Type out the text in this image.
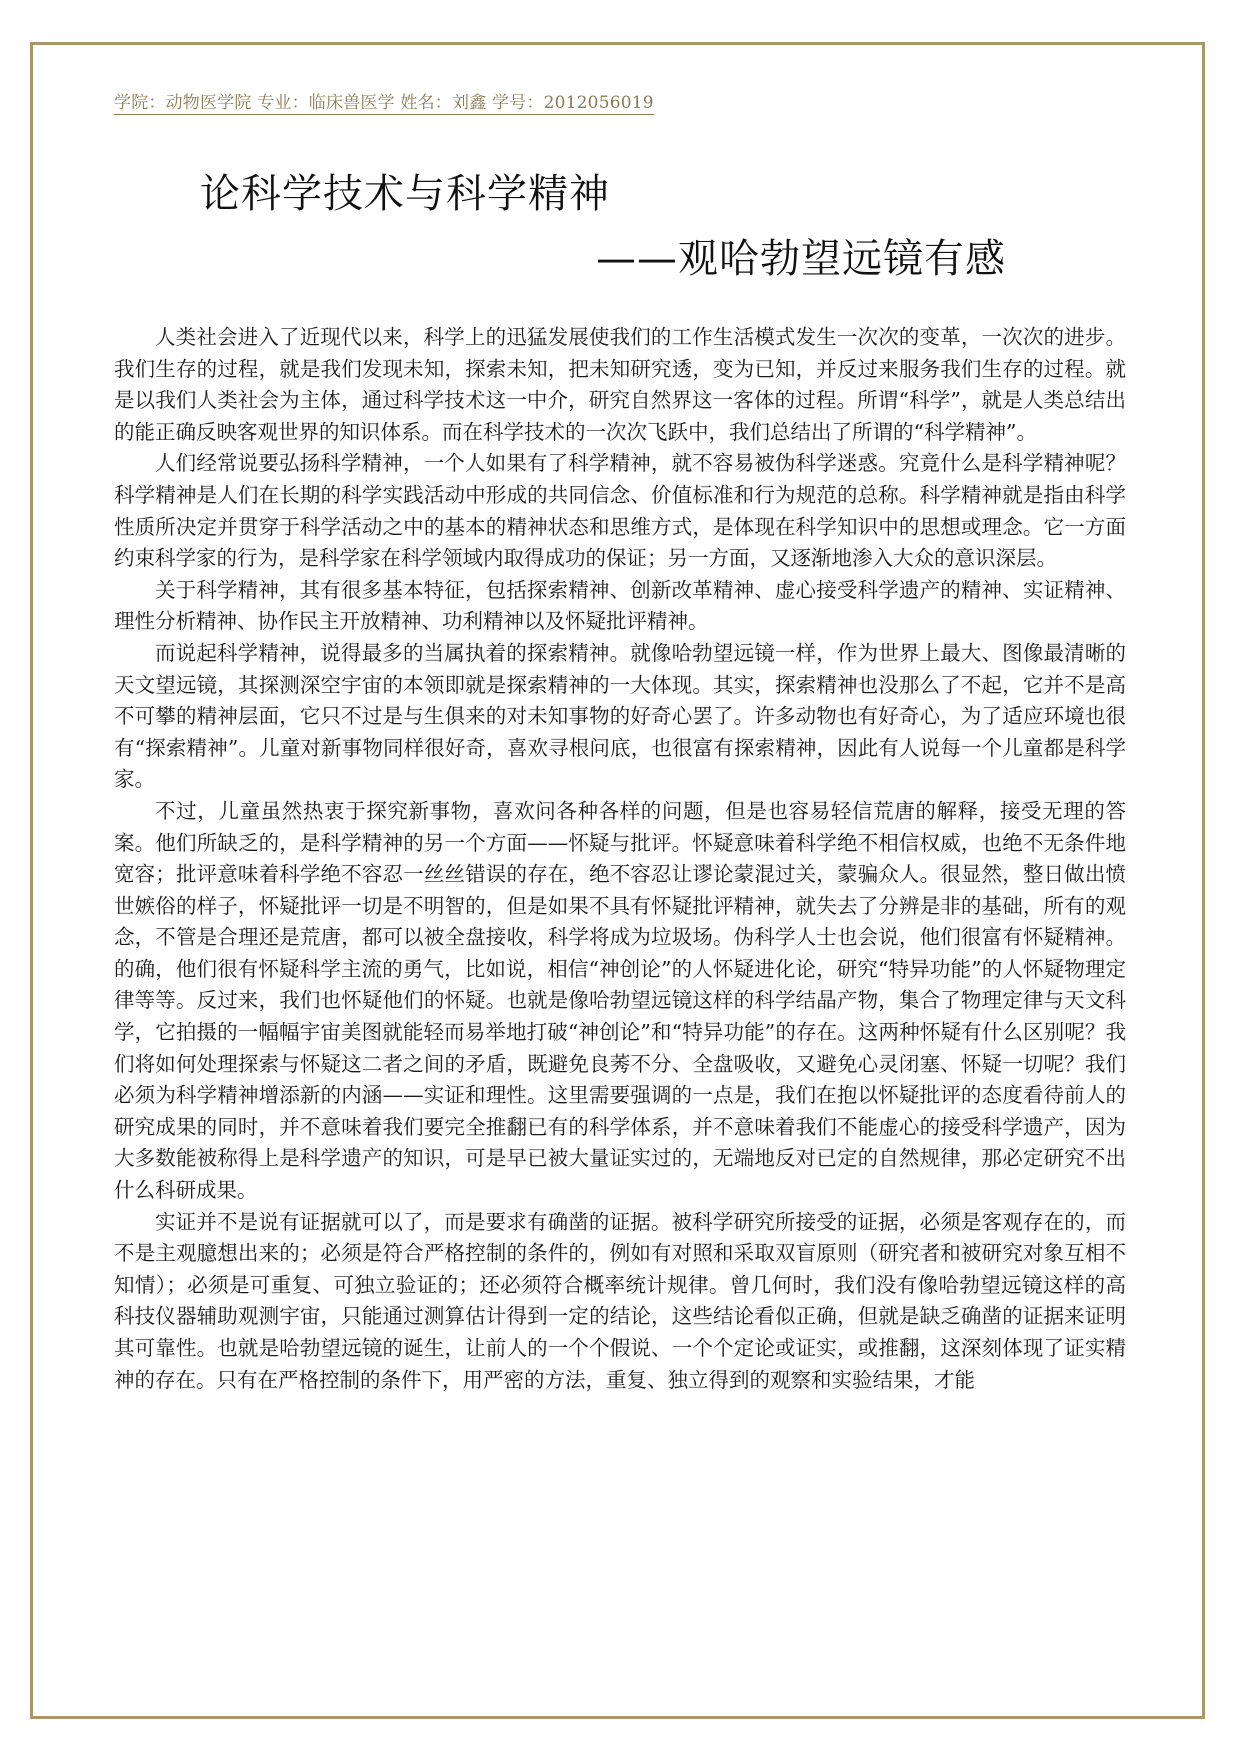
学院：动物医学院 专业：临床兽医学 姓名：刘鑫 学号：2012056019
论科学技术与科学精神
——观哈勃望远镜有感

人类社会进入了近现代以来，科学上的迅猛发展使我们的工作生活模式发生一次次的变革，一次次的进步。我们生存的过程，就是我们发现未知，探索未知，把未知研究透，变为已知，并反过来服务我们生存的过程。就是以我们人类社会为主体，通过科学技术这一中介，研究自然界这一客体的过程。所谓“科学”，就是人类总结出的能正确反映客观世界的知识体系。而在科学技术的一次次飞跃中，我们总结出了所谓的“科学精神”。

人们经常说要弘扬科学精神，一个人如果有了科学精神，就不容易被伪科学迷惑。究竟什么是科学精神呢？科学精神是人们在长期的科学实践活动中形成的共同信念、价值标准和行为规范的总称。科学精神就是指由科学性质所决定并贯穿于科学活动之中的基本的精神状态和思维方式，是体现在科学知识中的思想或理念。它一方面约束科学家的行为，是科学家在科学领域内取得成功的保证；另一方面，又逐渐地渗入大众的意识深层。

关于科学精神，其有很多基本特征，包括探索精神、创新改革精神、虚心接受科学遗产的精神、实证精神、理性分析精神、协作民主开放精神、功利精神以及怀疑批评精神。

而说起科学精神，说得最多的当属执着的探索精神。就像哈勃望远镜一样，作为世界上最大、图像最清晰的天文望远镜，其探测深空宇宙的本领即就是探索精神的一大体现。其实，探索精神也没那么了不起，它并不是高不可攀的精神层面，它只不过是与生俱来的对未知事物的好奇心罢了。许多动物也有好奇心，为了适应环境也很有“探索精神”。儿童对新事物同样很好奇，喜欢寻根问底，也很富有探索精神，因此有人说每一个儿童都是科学家。

不过，儿童虽然热衷于探究新事物，喜欢问各种各样的问题，但是也容易轻信荒唐的解释，接受无理的答案。他们所缺乏的，是科学精神的另一个方面——怀疑与批评。怀疑意味着科学绝不相信权威，也绝不无条件地宽容；批评意味着科学绝不容忍一丝丝错误的存在，绝不容忍让谬论蒙混过关，蒙骗众人。很显然，整日做出愤世嫉俗的样子，怀疑批评一切是不明智的，但是如果不具有怀疑批评精神，就失去了分辨是非的基础，所有的观念，不管是合理还是荒唐，都可以被全盘接收，科学将成为垃圾场。伪科学人士也会说，他们很富有怀疑精神。的确，他们很有怀疑科学主流的勇气，比如说，相信“神创论”的人怀疑进化论，研究“特异功能”的人怀疑物理定律等等。反过来，我们也怀疑他们的怀疑。也就是像哈勃望远镜这样的科学结晶产物，集合了物理定律与天文科学，它拍摄的一幅幅宇宙美图就能轻而易举地打破“神创论”和“特异功能”的存在。这两种怀疑有什么区别呢？我们将如何处理探索与怀疑这二者之间的矛盾，既避免良莠不分、全盘吸收，又避免心灵闭塞、怀疑一切呢？我们必须为科学精神增添新的内涵——实证和理性。这里需要强调的一点是，我们在抱以怀疑批评的态度看待前人的研究成果的同时，并不意味着我们要完全推翻已有的科学体系，并不意味着我们不能虚心的接受科学遗产，因为大多数能被称得上是科学遗产的知识，可是早已被大量证实过的，无端地反对已定的自然规律，那必定研究不出什么科研成果。

实证并不是说有证据就可以了，而是要求有确凿的证据。被科学研究所接受的证据，必须是客观存在的，而不是主观臆想出来的；必须是符合严格控制的条件的，例如有对照和采取双盲原则（研究者和被研究对象互相不知情）；必须是可重复、可独立验证的；还必须符合概率统计规律。曾几何时，我们没有像哈勃望远镜这样的高科技仪器辅助观测宇宙，只能通过测算估计得到一定的结论，这些结论看似正确，但就是缺乏确凿的证据来证明其可靠性。也就是哈勃望远镜的诞生，让前人的一个个假说、一个个定论或证实，或推翻，这深刻体现了证实精神的存在。只有在严格控制的条件下，用严密的方法，重复、独立得到的观察和实验结果，才能
